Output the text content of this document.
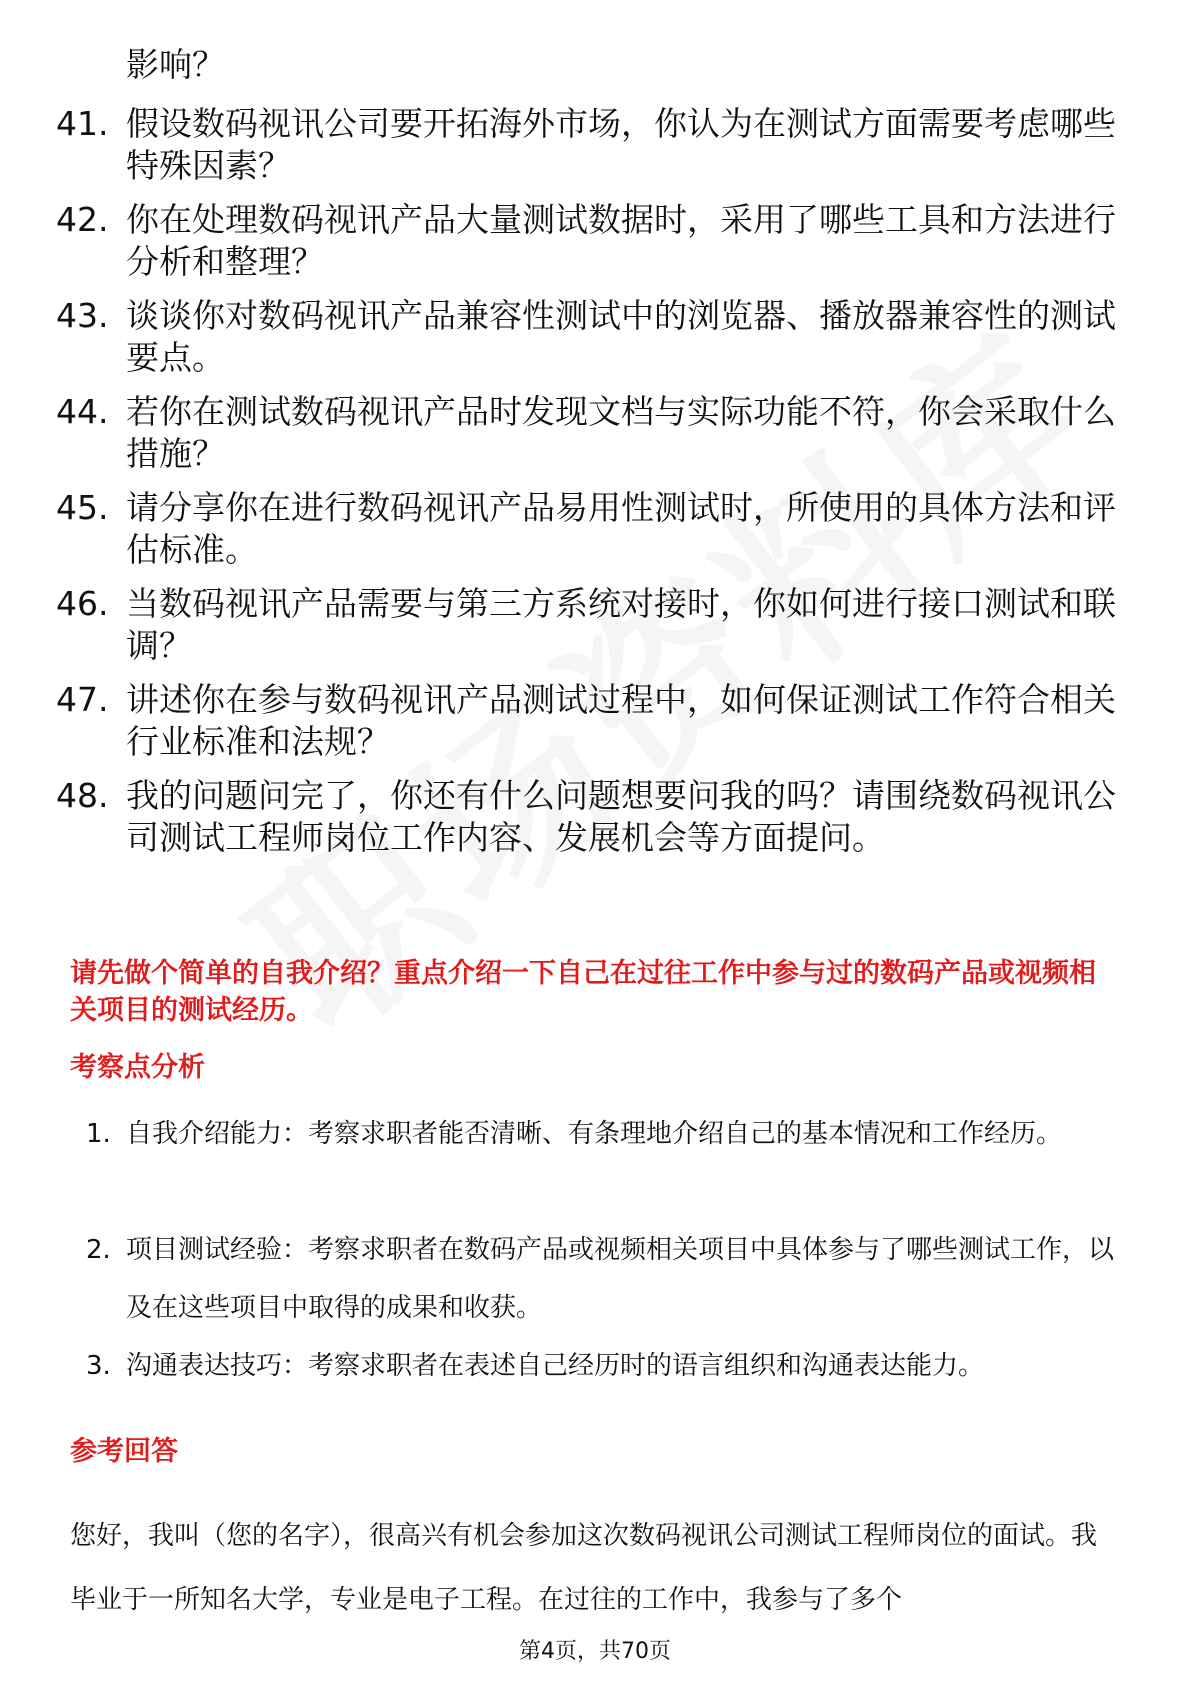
影响？
41. 假设数码视讯公司要开拓海外市场，你认为在测试方面需要考虑哪些特殊因素？
42. 你在处理数码视讯产品大量测试数据时，采用了哪些工具和方法进行分析和整理？
43. 谈谈你对数码视讯产品兼容性测试中的浏览器、播放器兼容性的测试要点。
44. 若你在测试数码视讯产品时发现文档与实际功能不符，你会采取什么措施？
45. 请分享你在进行数码视讯产品易用性测试时，所使用的具体方法和评估标准。
46. 当数码视讯产品需要与第三方系统对接时，你如何进行接口测试和联调？
47. 讲述你在参与数码视讯产品测试过程中，如何保证测试工作符合相关行业标准和法规？
48. 我的问题问完了，你还有什么问题想要问我的吗？请围绕数码视讯公司测试工程师岗位工作内容、发展机会等方面提问。
请先做个简单的自我介绍？重点介绍一下自己在过往工作中参与过的数码产品或视频相关项目的测试经历。
考察点分析
1. 自我介绍能力：考察求职者能否清晰、有条理地介绍自己的基本情况和工作经历。
2. 项目测试经验：考察求职者在数码产品或视频相关项目中具体参与了哪些测试工作，以及在这些项目中取得的成果和收获。
3. 沟通表达技巧：考察求职者在表述自己经历时的语言组织和沟通表达能力。
参考回答
您好，我叫（您的名字），很高兴有机会参加这次数码视讯公司测试工程师岗位的面试。我毕业于一所知名大学，专业是电子工程。在过往的工作中，我参与了多个
第4页，共70页
